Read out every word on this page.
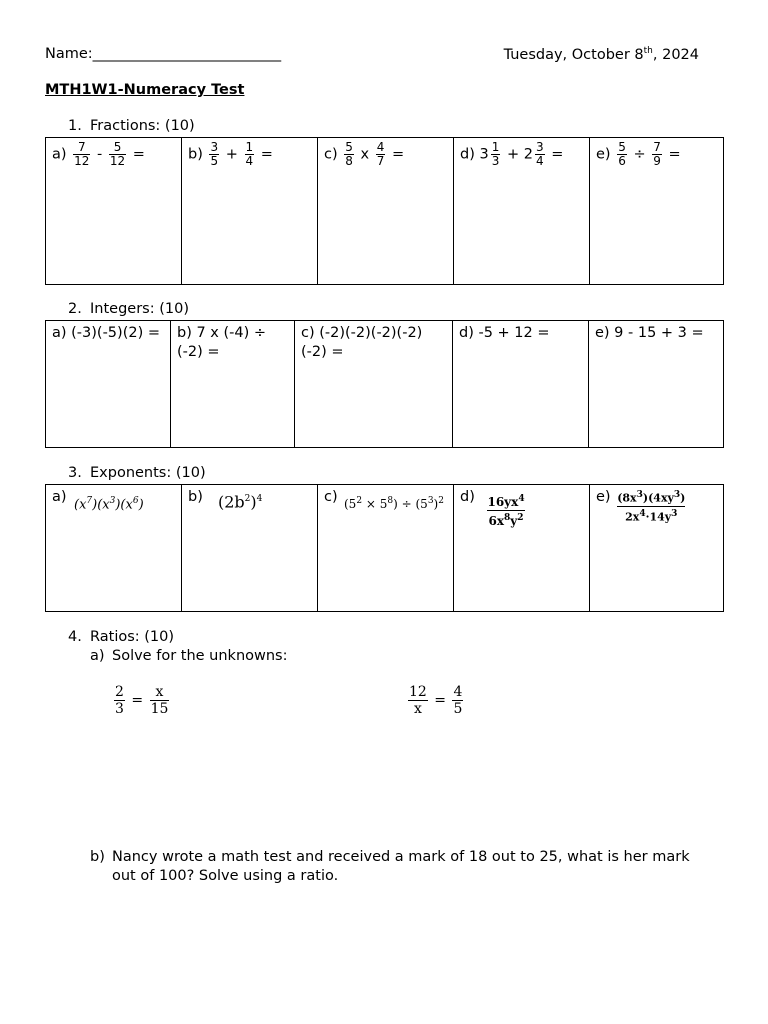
Name:__________________________	Tuesday, October 8th, 2024
MTH1W1-Numeracy Test
1. Fractions: (10)
$a) \frac{7}{12} - \frac{5}{12}$ =	$b) \frac{3}{5} + \frac{1}{4}$ =	$c) \frac{5}{8}$ x $\frac{4}{7}$ =	d) $3 \frac{1}{3} + 2 \frac{3}{4}$ =	$e) \frac{5}{6} \div \frac{7}{9}$ =
2. Integers: (10)
a) (-3)(-5)(2) =	b) 7 x (-4) ÷ (-2) =	c) (-2)(-2)(-2)(-2)(-2) =	d) -5 + 12 =	e) 9 - 15 + 3 =
3. Exponents: (10)
a) $(x^7)(x^3)(x^6)$	b) $(2b^2)^4$	c) $(5^2 \times 5^8) \div (5^3)^2$	$d) \frac{16yx^4}{6x^8y^2}$	$e) \frac{(8x^3)(4xy^3)}{2x^4\cdot 14y^3}$
4. Ratios: (10)
a) Solve for the unknowns:
$\frac{2}{3} = \frac{x}{15}$	$\frac{12}{x} = \frac{4}{5}$
b) Nancy wrote a math test and received a mark of 18 out to 25, what is her mark
out of 100? Solve using a ratio.
